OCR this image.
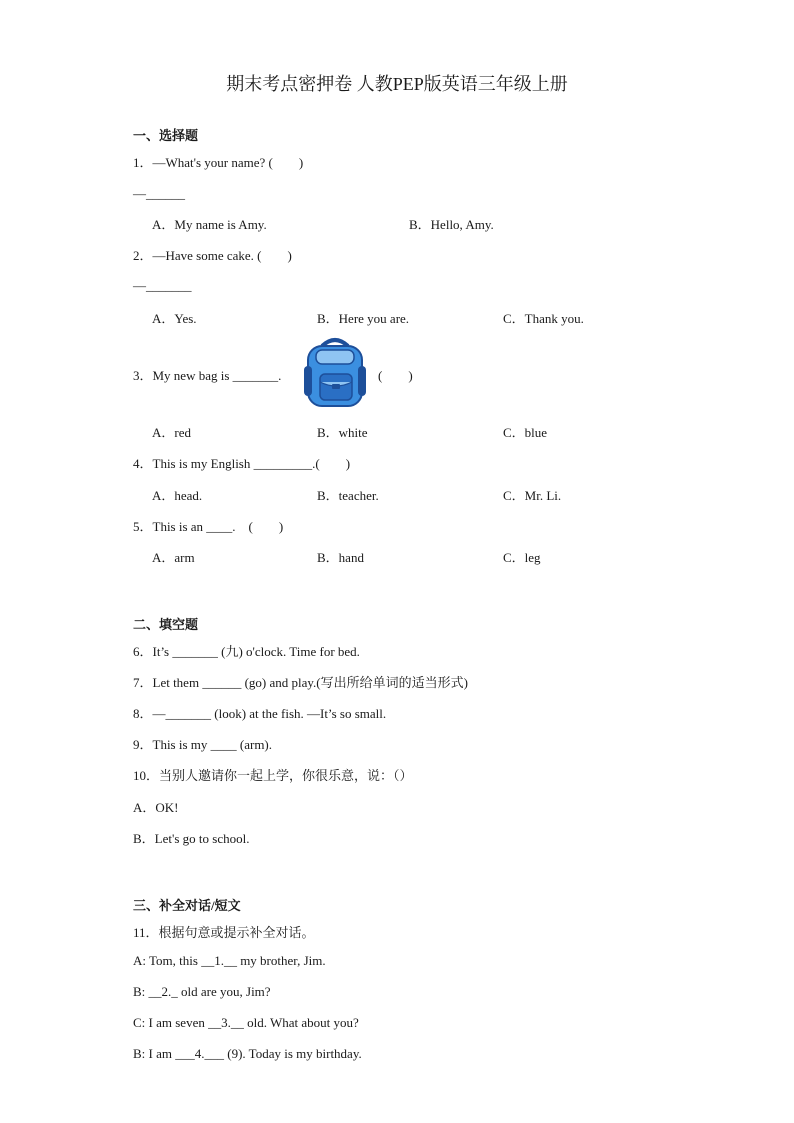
期末考点密押卷 人教PEP版英语三年级上册
一、选择题
1．—What's your name? (　　)
—______
A．My name is Amy.	B．Hello, Amy.
2．—Have some cake. (　　)
—_______
A．Yes.	B．Here you are.	C．Thank you.
3．My new bag is _______.	(　　)
A．red	B．white	C．blue
4．This is my English _________.(　　)
A．head.	B．teacher.	C．Mr. Li.
5．This is an ____.　(　　)
A．arm	B．hand	C．leg
二、填空题
6．It’s _______ (九) o'clock. Time for bed.
7．Let them ______ (go) and play.(写出所给单词的适当形式)
8．—_______ (look) at the fish. —It’s so small.
9．This is my ____ (arm).
10．当别人邀请你一起上学，你很乐意，说：（）
A．OK!
B．Let's go to school.
三、补全对话/短文
11．根据句意或提示补全对话。
A: Tom, this __1.__ my brother, Jim.
B: __2._ old are you, Jim?
C: I am seven __3.__ old. What about you?
B: I am ___4.___ (9). Today is my birthday.
